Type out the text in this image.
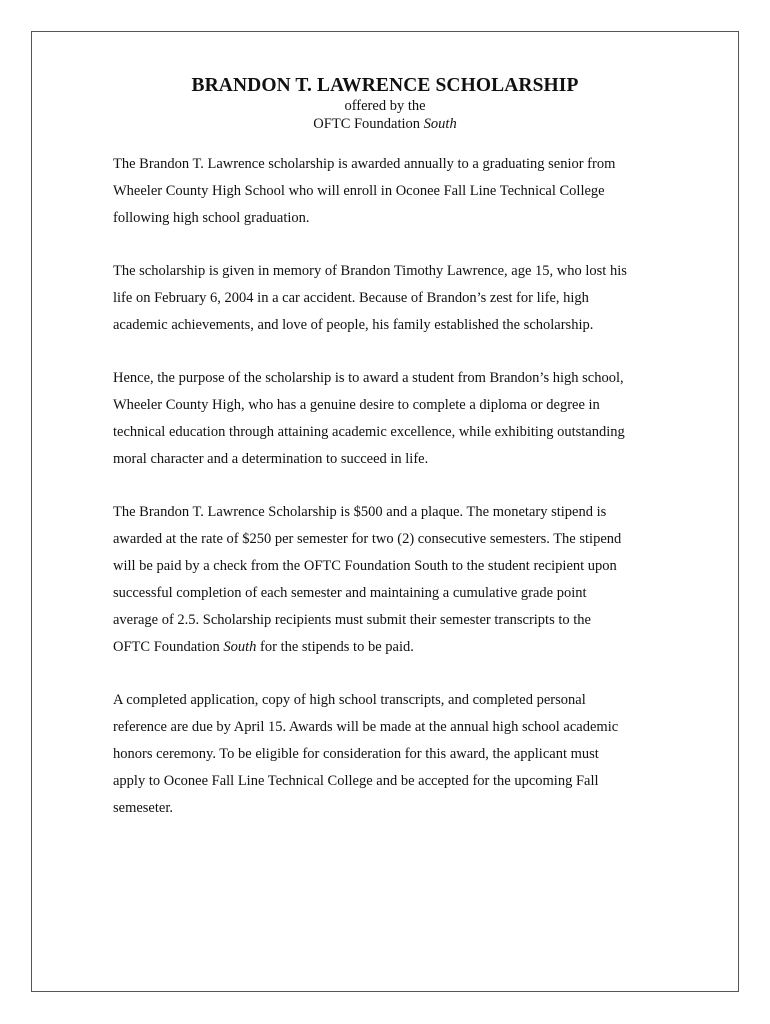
BRANDON T. LAWRENCE SCHOLARSHIP
offered by the
OFTC Foundation South

The Brandon T. Lawrence scholarship is awarded annually to a graduating senior from
Wheeler County High School who will enroll in Oconee Fall Line Technical College
following high school graduation.

The scholarship is given in memory of Brandon Timothy Lawrence, age 15, who lost his
life on February 6, 2004 in a car accident. Because of Brandon’s zest for life, high
academic achievements, and love of people, his family established the scholarship.

Hence, the purpose of the scholarship is to award a student from Brandon’s high school,
Wheeler County High, who has a genuine desire to complete a diploma or degree in
technical education through attaining academic excellence, while exhibiting outstanding
moral character and a determination to succeed in life.

The Brandon T. Lawrence Scholarship is $500 and a plaque. The monetary stipend is
awarded at the rate of $250 per semester for two (2) consecutive semesters. The stipend
will be paid by a check from the OFTC Foundation South to the student recipient upon
successful completion of each semester and maintaining a cumulative grade point
average of 2.5. Scholarship recipients must submit their semester transcripts to the
OFTC Foundation South for the stipends to be paid.

A completed application, copy of high school transcripts, and completed personal
reference are due by April 15. Awards will be made at the annual high school academic
honors ceremony. To be eligible for consideration for this award, the applicant must
apply to Oconee Fall Line Technical College and be accepted for the upcoming Fall
semeseter.
